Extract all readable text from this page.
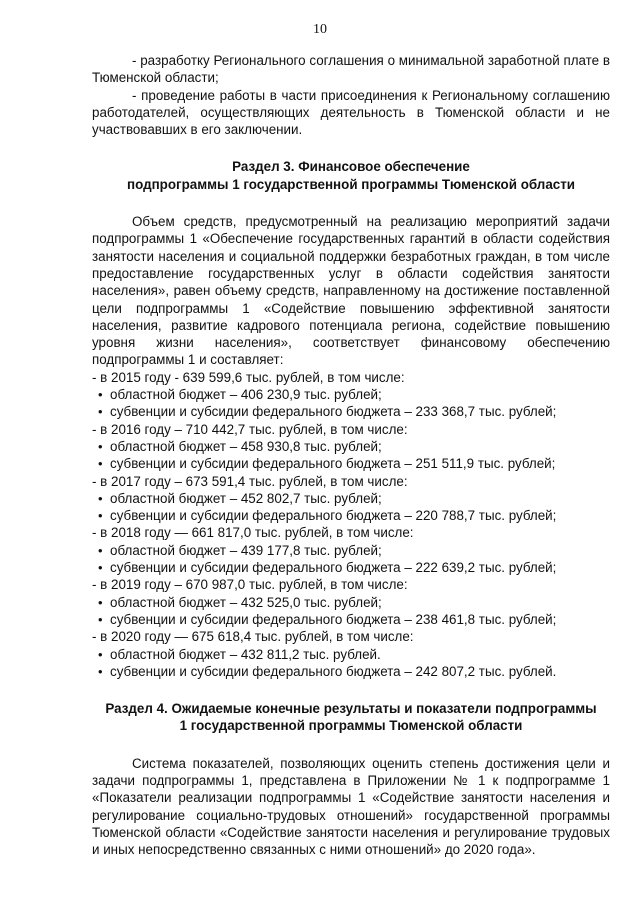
10

- разработку Регионального соглашения о минимальной заработной плате в Тюменской области;

- проведение работы в части присоединения к Региональному соглашению работодателей, осуществляющих деятельность в Тюменской области и не участвовавших в его заключении.

Раздел 3. Финансовое обеспечение
подпрограммы 1 государственной программы Тюменской области

Объем средств, предусмотренный на реализацию мероприятий задачи подпрограммы 1 «Обеспечение государственных гарантий в области содействия занятости населения и социальной поддержки безработных граждан, в том числе предоставление государственных услуг в области содействия занятости населения», равен объему средств, направленному на достижение поставленной цели подпрограммы 1 «Содействие повышению эффективной занятости населения, развитие кадрового потенциала региона, содействие повышению уровня жизни населения», соответствует финансовому обеспечению подпрограммы 1 и составляет:

- в 2015 году - 639 599,6 тыс. рублей, в том числе:
• областной бюджет – 406 230,9 тыс. рублей;
• субвенции и субсидии федерального бюджета – 233 368,7 тыс. рублей;
- в 2016 году – 710 442,7 тыс. рублей, в том числе:
• областной бюджет – 458 930,8 тыс. рублей;
• субвенции и субсидии федерального бюджета – 251 511,9 тыс. рублей;
- в 2017 году – 673 591,4 тыс. рублей, в том числе:
• областной бюджет – 452 802,7 тыс. рублей;
• субвенции и субсидии федерального бюджета – 220 788,7 тыс. рублей;
- в 2018 году — 661 817,0 тыс. рублей, в том числе:
• областной бюджет – 439 177,8 тыс. рублей;
• субвенции и субсидии федерального бюджета – 222 639,2 тыс. рублей;
- в 2019 году – 670 987,0 тыс. рублей, в том числе:
• областной бюджет – 432 525,0 тыс. рублей;
• субвенции и субсидии федерального бюджета – 238 461,8 тыс. рублей;
- в 2020 году — 675 618,4 тыс. рублей, в том числе:
• областной бюджет – 432 811,2 тыс. рублей.
• субвенции и субсидии федерального бюджета – 242 807,2 тыс. рублей.
Раздел 4. Ожидаемые конечные результаты и показатели подпрограммы
1 государственной программы Тюменской области

Система показателей, позволяющих оценить степень достижения цели и задачи подпрограммы 1, представлена в Приложении № 1 к подпрограмме 1 «Показатели реализации подпрограммы 1 «Содействие занятости населения и регулирование социально-трудовых отношений» государственной программы Тюменской области «Содействие занятости населения и регулирование трудовых и иных непосредственно связанных с ними отношений» до 2020 года».
